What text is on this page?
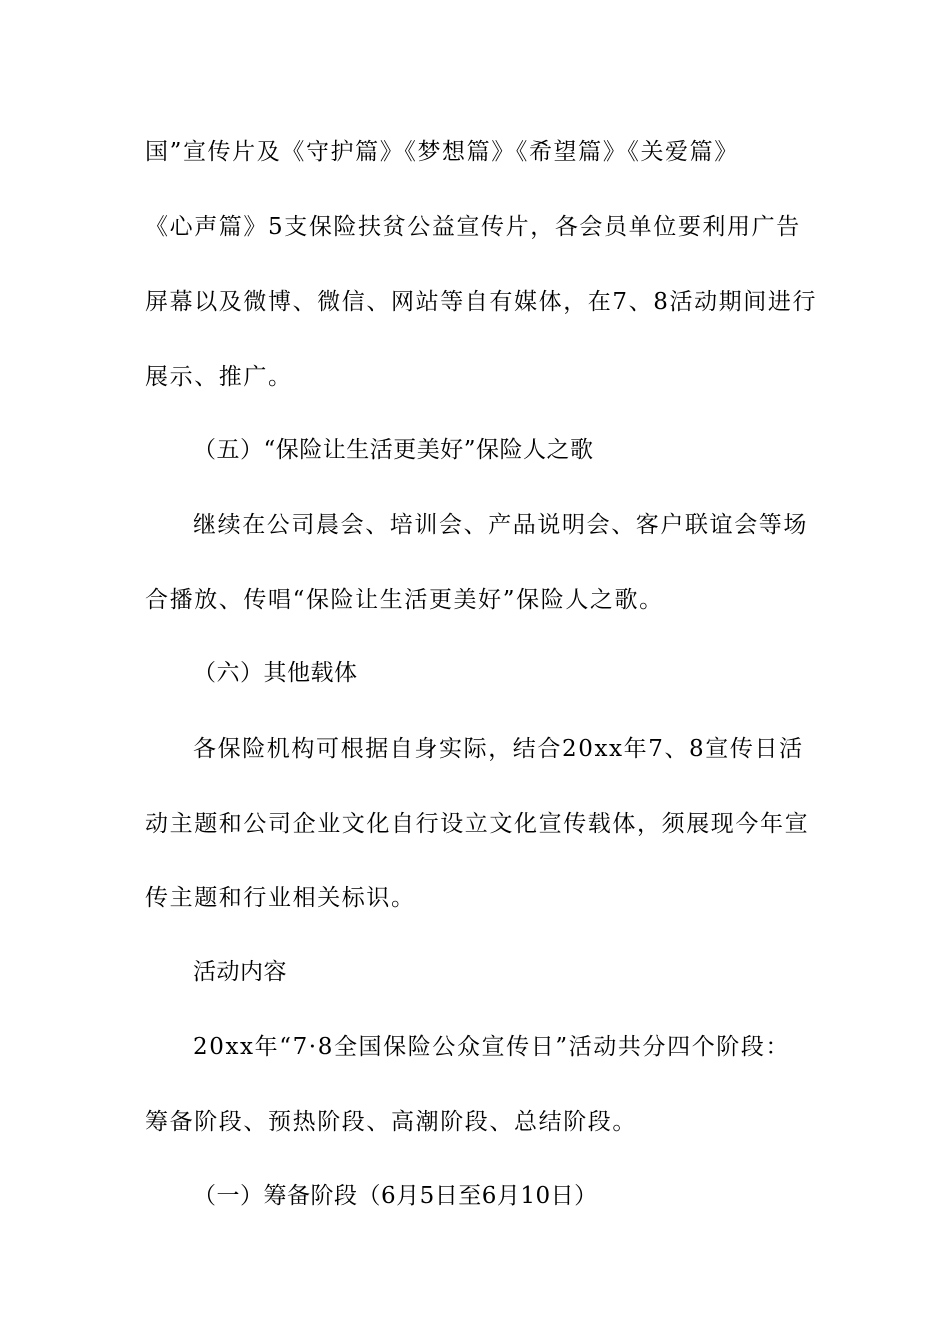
国”宣传片及《守护篇》《梦想篇》《希望篇》《关爱篇》
《心声篇》5支保险扶贫公益宣传片，各会员单位要利用广告
屏幕以及微博、微信、网站等自有媒体，在7、8活动期间进行
展示、推广。
（五）“保险让生活更美好”保险人之歌
继续在公司晨会、培训会、产品说明会、客户联谊会等场
合播放、传唱“保险让生活更美好”保险人之歌。
（六）其他载体
各保险机构可根据自身实际，结合20xx年7、8宣传日活
动主题和公司企业文化自行设立文化宣传载体，须展现今年宣
传主题和行业相关标识。
活动内容
20xx年“7·8全国保险公众宣传日”活动共分四个阶段：
筹备阶段、预热阶段、高潮阶段、总结阶段。
（一）筹备阶段（6月5日至6月10日）
